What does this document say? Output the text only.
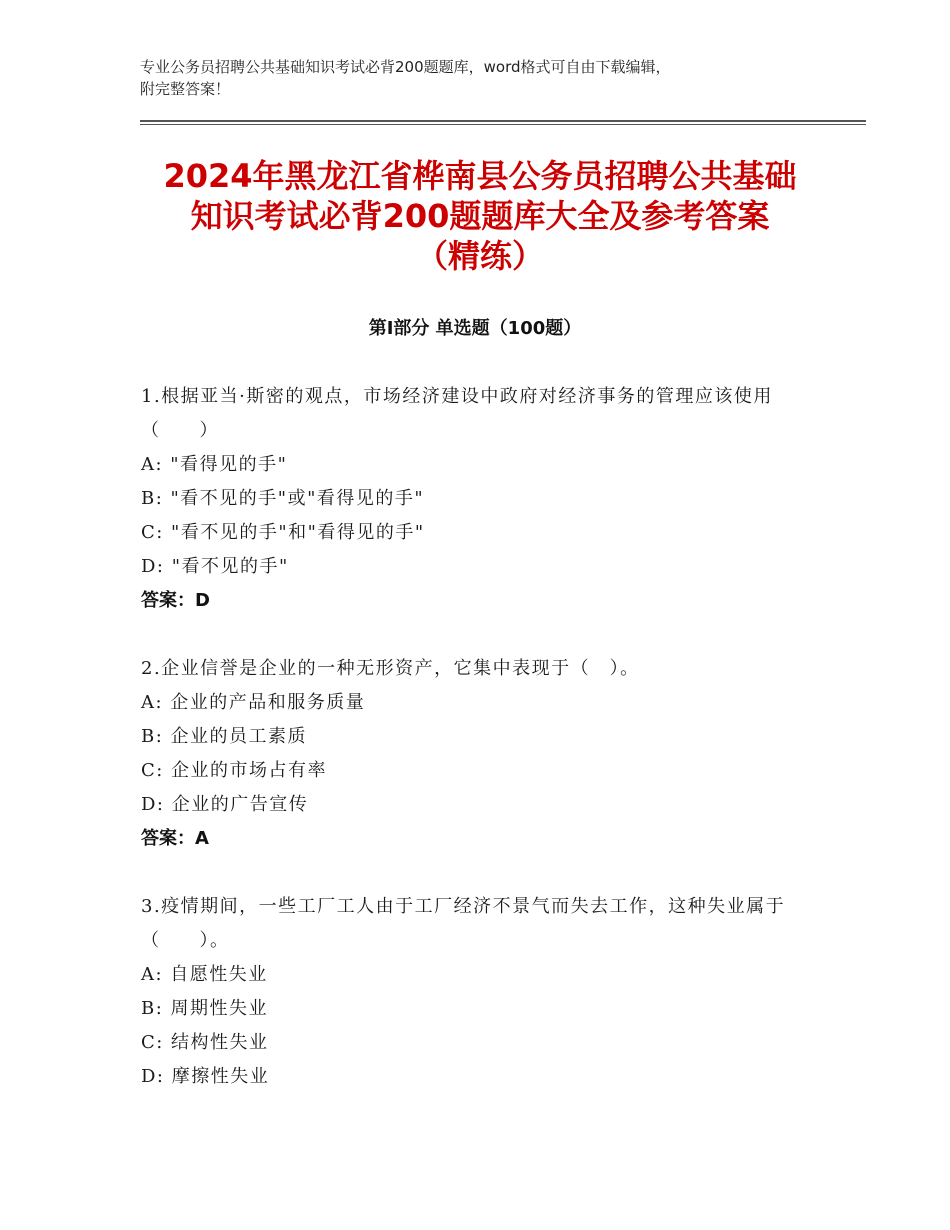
专业公务员招聘公共基础知识考试必背200题题库，word格式可自由下载编辑，
附完整答案！
2024年黑龙江省桦南县公务员招聘公共基础
知识考试必背200题题库大全及参考答案
（精练）
第Ⅰ部分 单选题（100题）

1.根据亚当·斯密的观点，市场经济建设中政府对经济事务的管理应该使用（　　）

A: "看得见的手"
B: "看不见的手"或"看得见的手"
C: "看不见的手"和"看得见的手"
D: "看不见的手"
答案：D

2.企业信誉是企业的一种无形资产，它集中表现于（　）。

A: 企业的产品和服务质量
B: 企业的员工素质
C: 企业的市场占有率
D: 企业的广告宣传
答案：A

3.疫情期间，一些工厂工人由于工厂经济不景气而失去工作，这种失业属于（　　）。

A: 自愿性失业
B: 周期性失业
C: 结构性失业
D: 摩擦性失业
